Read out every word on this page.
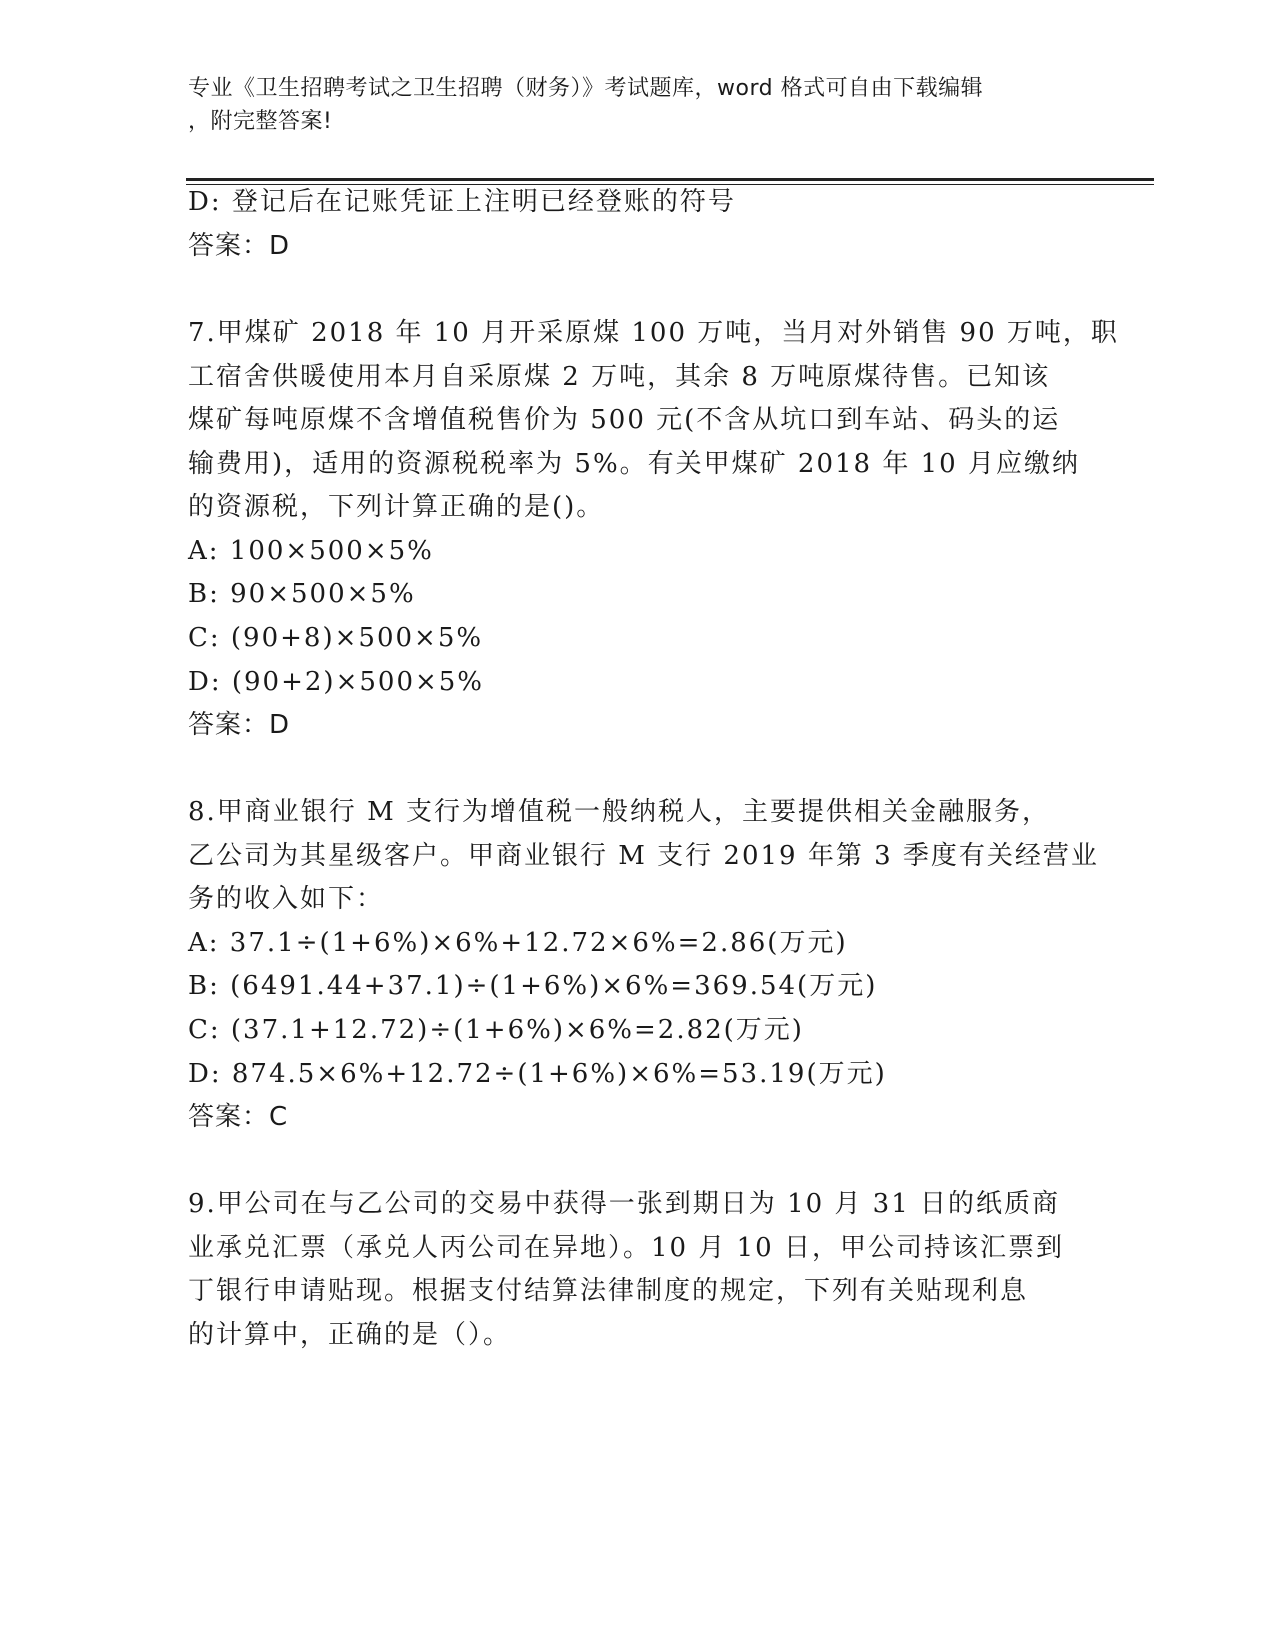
专业《卫生招聘考试之卫生招聘（财务）》考试题库，word 格式可自由下载编辑
，附完整答案!
D: 登记后在记账凭证上注明已经登账的符号
答案：D
7.甲煤矿 2018 年 10 月开采原煤 100 万吨，当月对外销售 90 万吨，职
工宿舍供暖使用本月自采原煤 2 万吨，其余 8 万吨原煤待售。已知该
煤矿每吨原煤不含增值税售价为 500 元(不含从坑口到车站、码头的运
输费用)，适用的资源税税率为 5%。有关甲煤矿 2018 年 10 月应缴纳
的资源税，下列计算正确的是()。
A: 100×500×5%
B: 90×500×5%
C: (90+8)×500×5%
D: (90+2)×500×5%
答案：D
8.甲商业银行 M 支行为增值税一般纳税人，主要提供相关金融服务，
乙公司为其星级客户。甲商业银行 M 支行 2019 年第 3 季度有关经营业
务的收入如下：
A: 37.1÷(1+6%)×6%+12.72×6%=2.86(万元)
B: (6491.44+37.1)÷(1+6%)×6%=369.54(万元)
C: (37.1+12.72)÷(1+6%)×6%=2.82(万元)
D: 874.5×6%+12.72÷(1+6%)×6%=53.19(万元)
答案：C
9.甲公司在与乙公司的交易中获得一张到期日为 10 月 31 日的纸质商
业承兑汇票（承兑人丙公司在异地）。10 月 10 日，甲公司持该汇票到
丁银行申请贴现。根据支付结算法律制度的规定，下列有关贴现利息
的计算中，正确的是（）。
